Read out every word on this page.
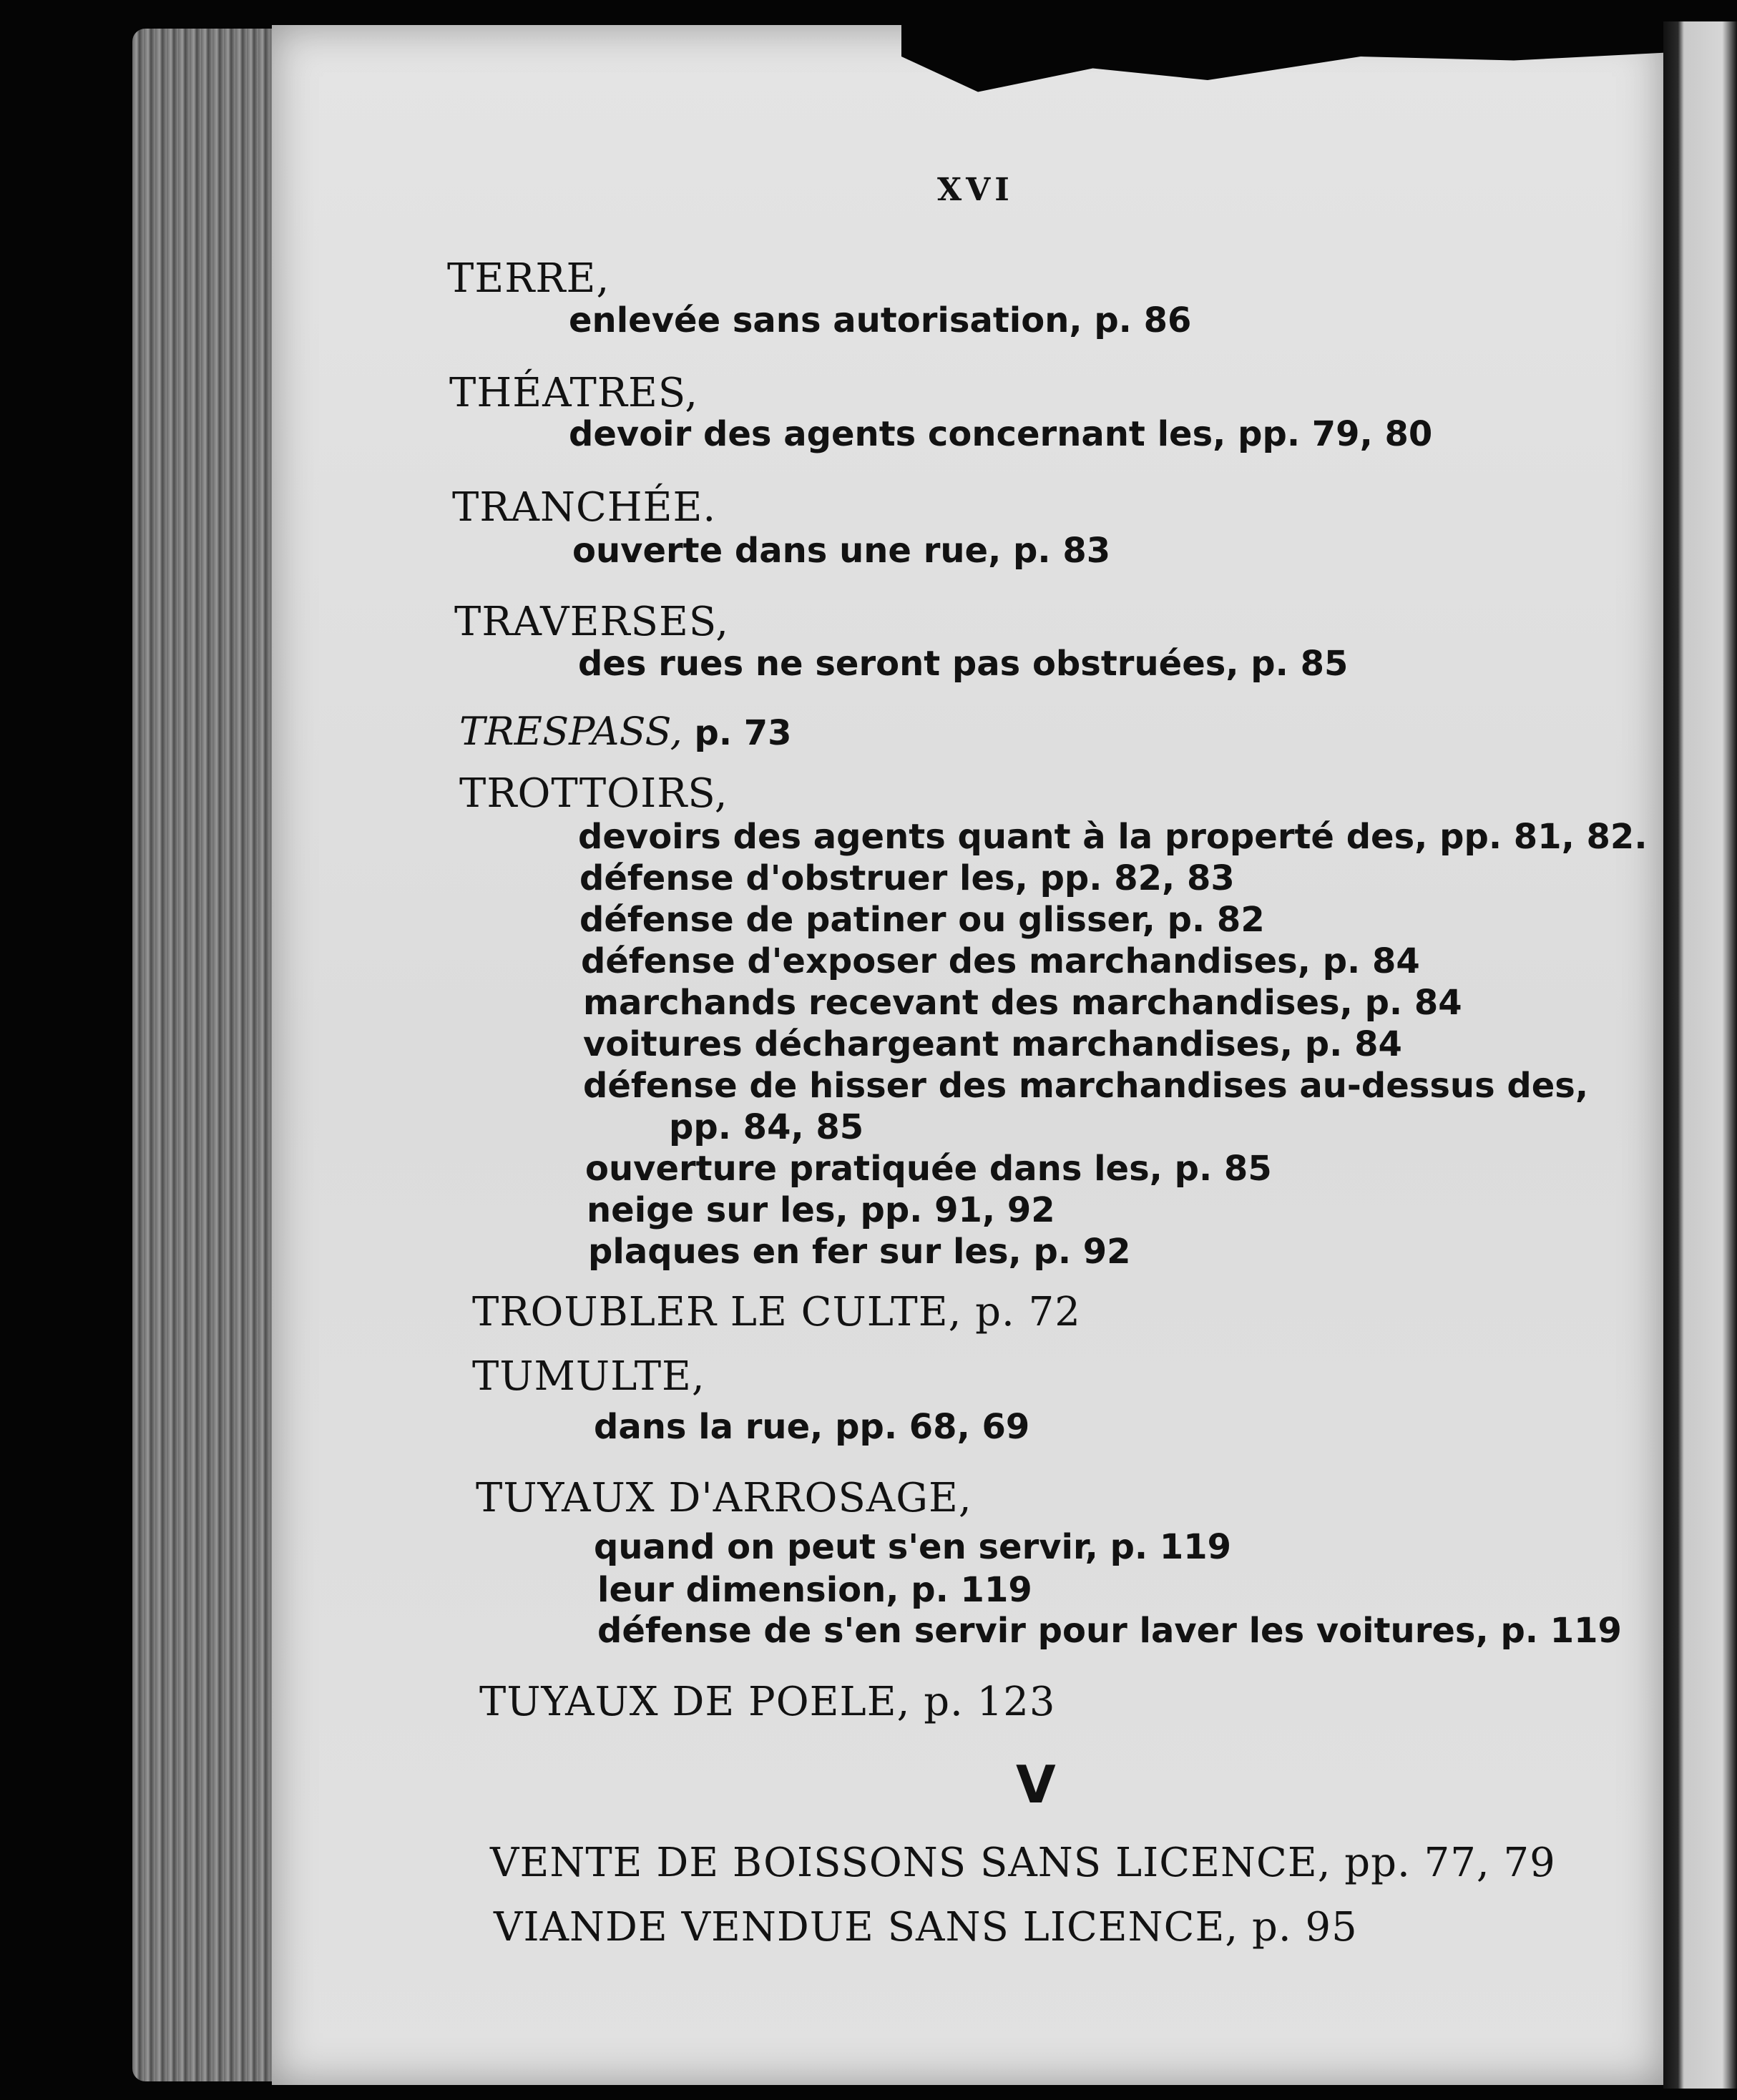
XVI
TERRE,
enlevée sans autorisation, p. 86
THÉATRES,
devoir des agents concernant les, pp. 79, 80
TRANCHÉE.
ouverte dans une rue, p. 83
TRAVERSES,
des rues ne seront pas obstruées, p. 85
TRESPASS, p. 73
TROTTOIRS,
devoirs des agents quant à la properté des, pp. 81, 82.
défense d'obstruer les, pp. 82, 83
défense de patiner ou glisser, p. 82
défense d'exposer des marchandises, p. 84
marchands recevant des marchandises, p. 84
voitures déchargeant marchandises, p. 84
défense de hisser des marchandises au-dessus des,
pp. 84, 85
ouverture pratiquée dans les, p. 85
neige sur les, pp. 91, 92
plaques en fer sur les, p. 92
TROUBLER LE CULTE, p. 72
TUMULTE,
dans la rue, pp. 68, 69
TUYAUX D'ARROSAGE,
quand on peut s'en servir, p. 119
leur dimension, p. 119
défense de s'en servir pour laver les voitures, p. 119
TUYAUX DE POELE, p. 123
V
VENTE DE BOISSONS SANS LICENCE, pp. 77, 79
VIANDE VENDUE SANS LICENCE, p. 95
